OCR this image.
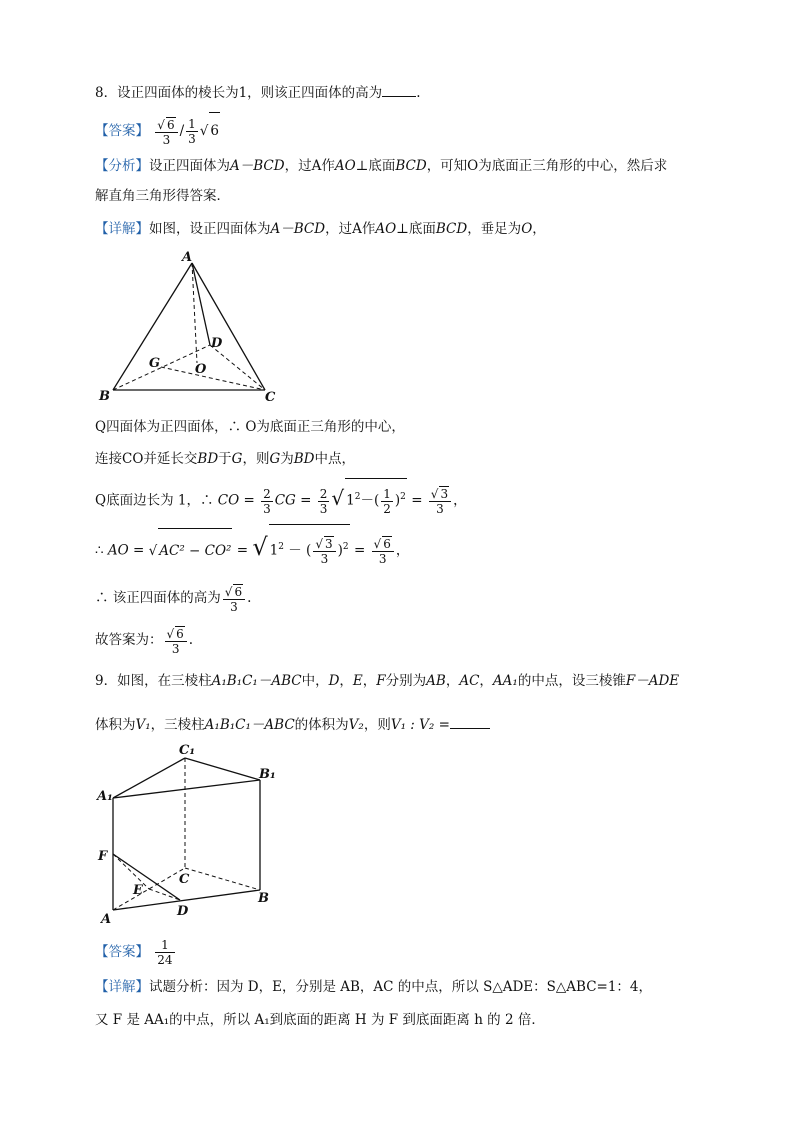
8．设正四面体的棱长为1，则该正四面体的高为	.
【答案】 $\frac{√ 6}{3} / \frac{1}{3}$ √ 6
【分析】设正四面体为A－BCD，过A作AO⊥底面BCD，可知O为底面正三角形的中心，然后求
解直角三角形得答案．
【详解】如图，设正四面体为A－BCD，过A作AO⊥底面BCD，垂足为O，
A
D
G	O
B	C
Q四面体为正四面体，∴ O为底面正三角形的中心，
连接CO并延长交BD于G，则G为BD中点，
Q底面边长为 1，∴ CO = $\frac{2}{3}$ CG = $\frac{2}{3}$ √ $1^2-( \frac{1}{2} )^2 = \frac{√ 3}{3}$ ，
∴ AO = √ AC² − CO² = √ $1^2$ － ( $\frac{√ 3}{3} )^2 = \frac{√ 6}{3}$ ，
∴ 该正四面体的高为 $\frac{√ 6}{3}$ .
故答案为： $\frac{√ 6}{3}$ .
9．如图，在三棱柱A₁B₁C₁－ABC中，D，E，F分别为AB，AC，AA₁的中点，设三棱锥F－ADE
体积为V₁，三棱柱A₁B₁C₁－ABC的体积为V₂，则V₁ : V₂ =
C₁
B₁
A₁
F
E
C
B
A
D
【答案】 $\frac{1}{24}$
【详解】试题分析：因为 D，E，分别是 AB，AC 的中点，所以 S△ADE：S△ABC=1：4，
又 F 是 AA₁的中点，所以 A₁到底面的距离 H 为 F 到底面距离 h 的 2 倍．
